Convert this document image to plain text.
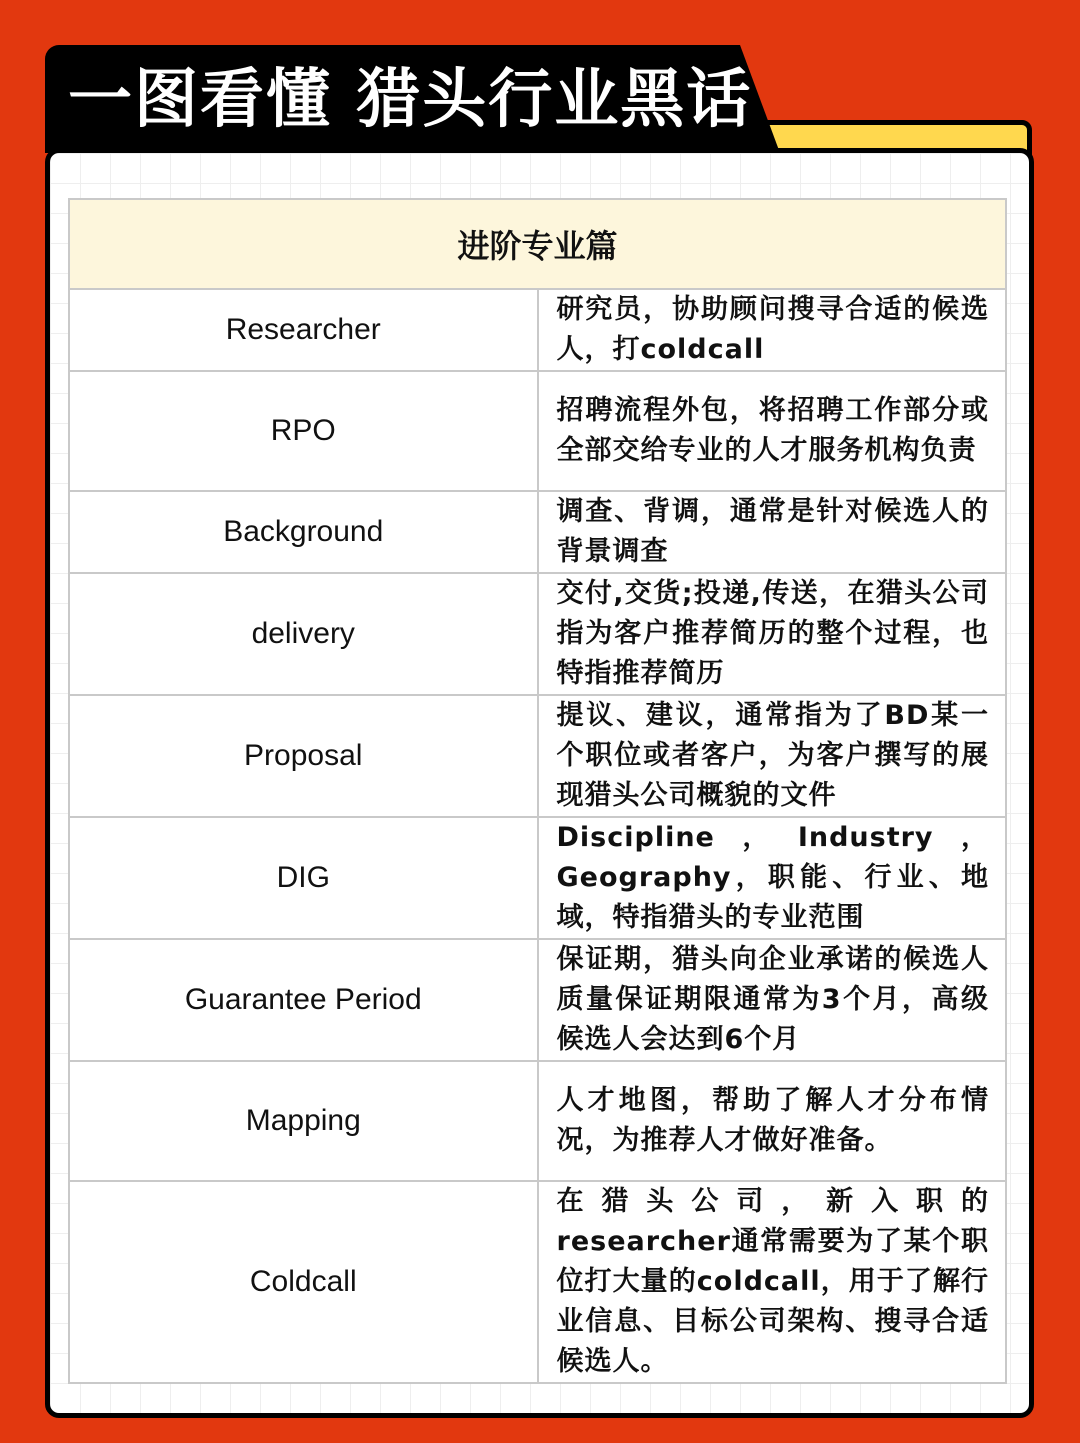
一图看懂 猎头行业黑话
进阶专业篇	
Researcher	研究员，协助顾问搜寻合适的候选人，打coldcall
RPO	招聘流程外包，将招聘工作部分或全部交给专业的人才服务机构负责
Background	调查、背调，通常是针对候选人的背景调查
delivery	交付,交货;投递,传送，在猎头公司指为客户推荐简历的整个过程，也特指推荐简历
Proposal	提议、建议，通常指为了BD某一个职位或者客户，为客户撰写的展现猎头公司概貌的文件
DIG	Discipline，Industry，Geography，职能、行业、地域，特指猎头的专业范围
Guarantee Period	保证期，猎头向企业承诺的候选人质量保证期限通常为3个月，高级候选人会达到6个月
Mapping	人才地图，帮助了解人才分布情况，为推荐人才做好准备。
Coldcall	在猎头公司，新入职的researcher通常需要为了某个职位打大量的coldcall，用于了解行业信息、目标公司架构、搜寻合适候选人。
